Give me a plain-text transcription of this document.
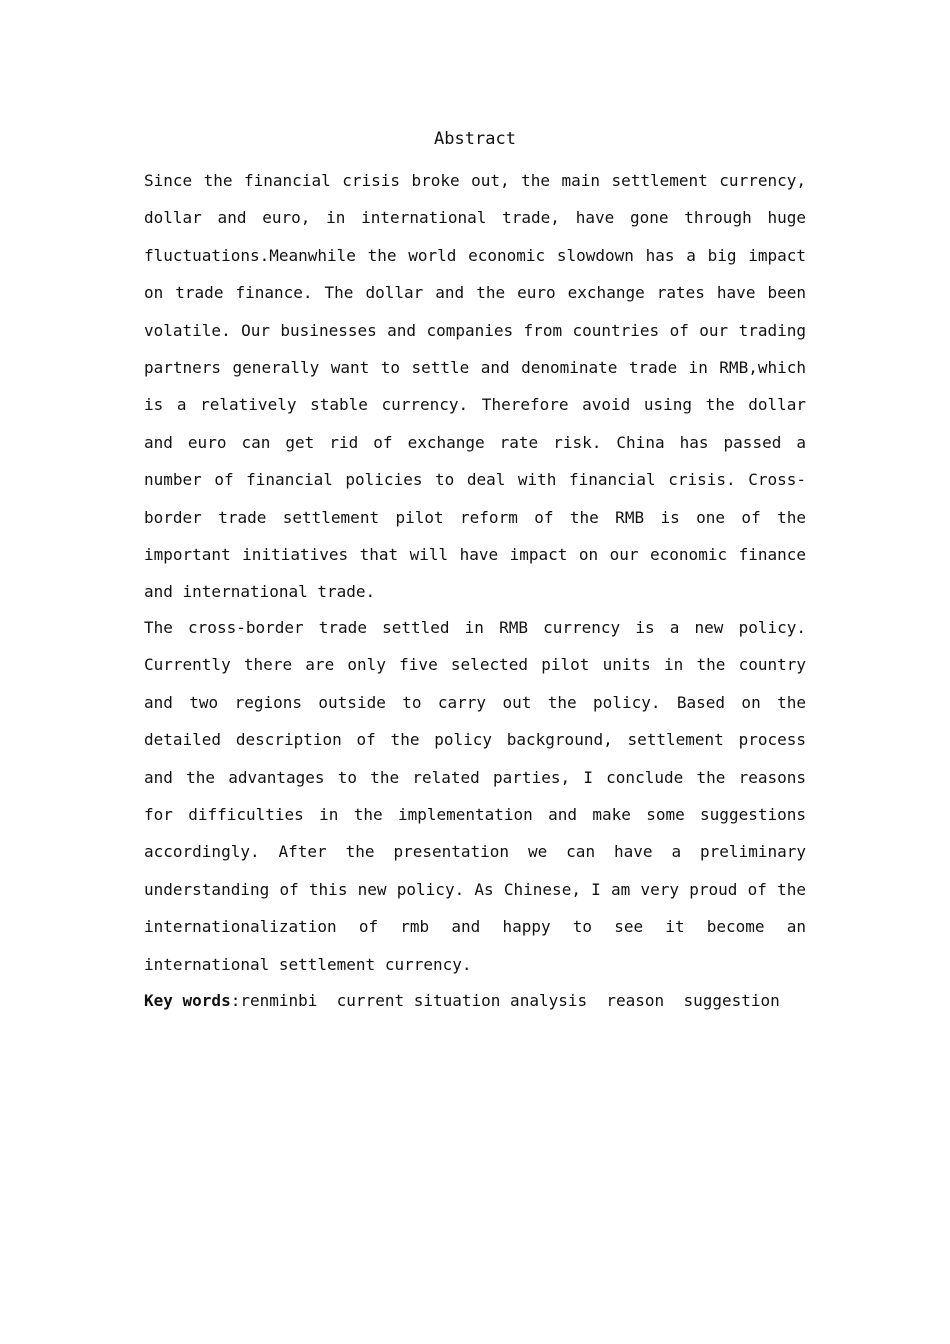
Abstract

Since the financial crisis broke out, the main settlement currency, dollar and euro, in international trade, have gone through huge fluctuations.Meanwhile the world economic slowdown has a big impact on trade finance. The dollar and the euro exchange rates have been volatile. Our businesses and companies from countries of our trading partners generally want to settle and denominate trade in RMB,which is a relatively stable currency. Therefore avoid using the dollar and euro can get rid of exchange rate risk. China has passed a number of financial policies to deal with financial crisis. Cross-border trade settlement pilot reform of the RMB is one of the important initiatives that will have impact on our economic finance and international trade.

The cross-border trade settled in RMB currency is a new policy. Currently there are only five selected pilot units in the country and two regions outside to carry out the policy. Based on the detailed description of the policy background, settlement process and the advantages to the related parties, I conclude the reasons for difficulties in the implementation and make some suggestions accordingly. After the presentation we can have a preliminary understanding of this new policy. As Chinese, I am very proud of the internationalization of rmb and happy to see it become an international settlement currency.

Key words:renminbi  current situation analysis  reason  suggestion
